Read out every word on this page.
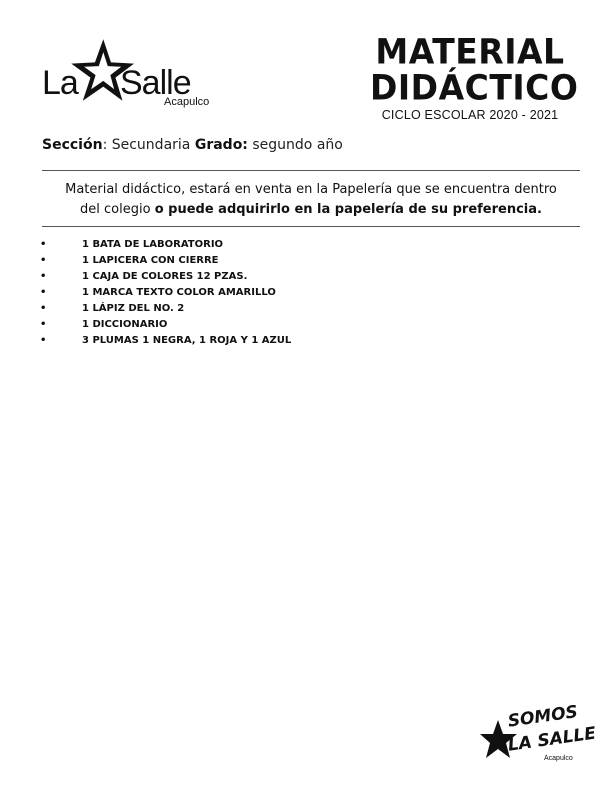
La Salle
Acapulco
MATERIAL
DIDÁCTICO
CICLO ESCOLAR 2020 - 2021
Sección: Secundaria Grado: segundo año
Material didáctico, estará en venta en la Papelería que se encuentra dentro
del colegio o puede adquirirlo en la papelería de su preferencia.
•	1 BATA DE LABORATORIO
•	1 LAPICERA CON CIERRE
•	1 CAJA DE COLORES 12 PZAS.
•	1 MARCA TEXTO COLOR AMARILLO
•	1 LÁPIZ DEL NO. 2
•	1 DICCIONARIO
•	3 PLUMAS 1 NEGRA, 1 ROJA Y 1 AZUL
SOMOS
LA SALLE
Acapulco
